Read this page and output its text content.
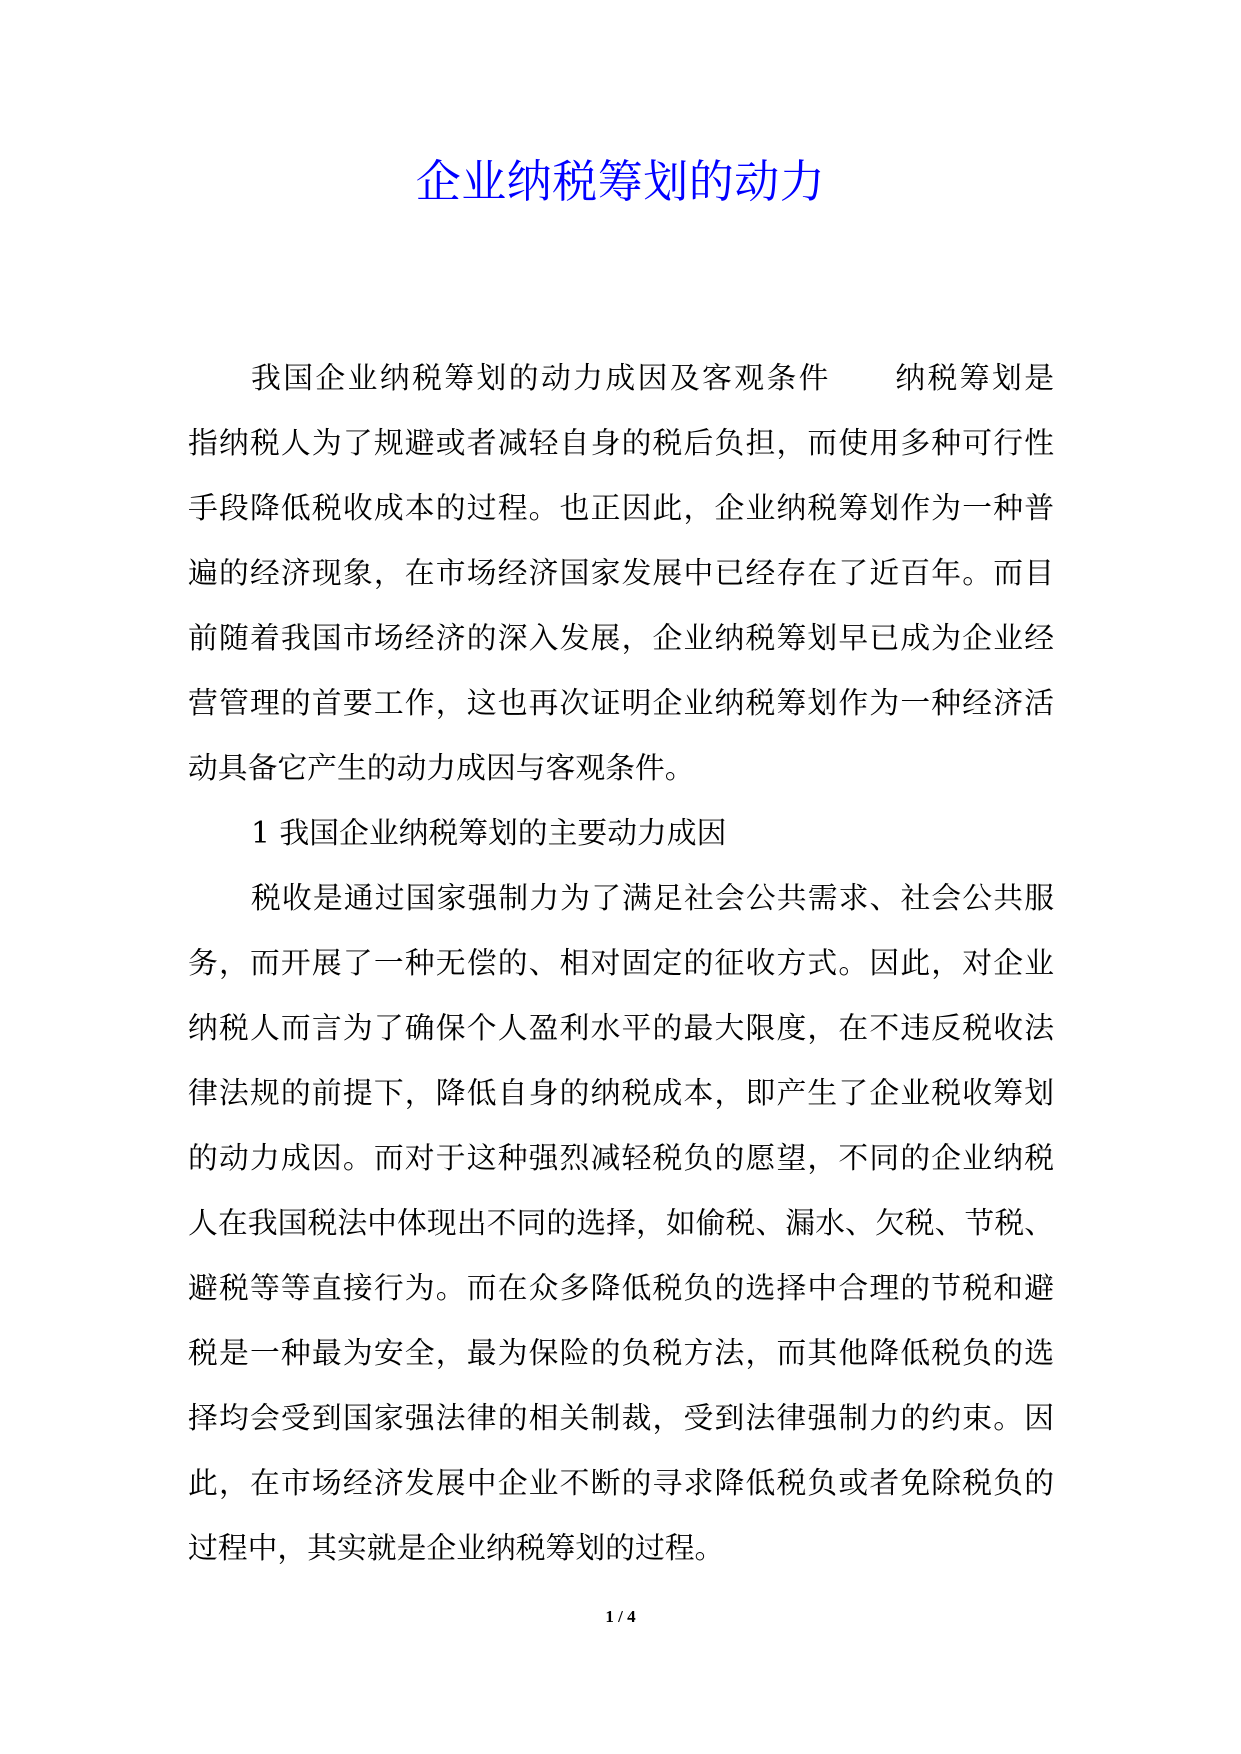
企业纳税筹划的动力
我国企业纳税筹划的动力成因及客观条件　　纳税筹划是
指纳税人为了规避或者减轻自身的税后负担，而使用多种可行性
手段降低税收成本的过程。也正因此，企业纳税筹划作为一种普
遍的经济现象，在市场经济国家发展中已经存在了近百年。而目
前随着我国市场经济的深入发展，企业纳税筹划早已成为企业经
营管理的首要工作，这也再次证明企业纳税筹划作为一种经济活
动具备它产生的动力成因与客观条件。
1 我国企业纳税筹划的主要动力成因
税收是通过国家强制力为了满足社会公共需求、社会公共服
务，而开展了一种无偿的、相对固定的征收方式。因此，对企业
纳税人而言为了确保个人盈利水平的最大限度，在不违反税收法
律法规的前提下，降低自身的纳税成本，即产生了企业税收筹划
的动力成因。而对于这种强烈减轻税负的愿望，不同的企业纳税
人在我国税法中体现出不同的选择，如偷税、漏水、欠税、节税、
避税等等直接行为。而在众多降低税负的选择中合理的节税和避
税是一种最为安全，最为保险的负税方法，而其他降低税负的选
择均会受到国家强法律的相关制裁，受到法律强制力的约束。因
此，在市场经济发展中企业不断的寻求降低税负或者免除税负的
过程中，其实就是企业纳税筹划的过程。
1 / 4
